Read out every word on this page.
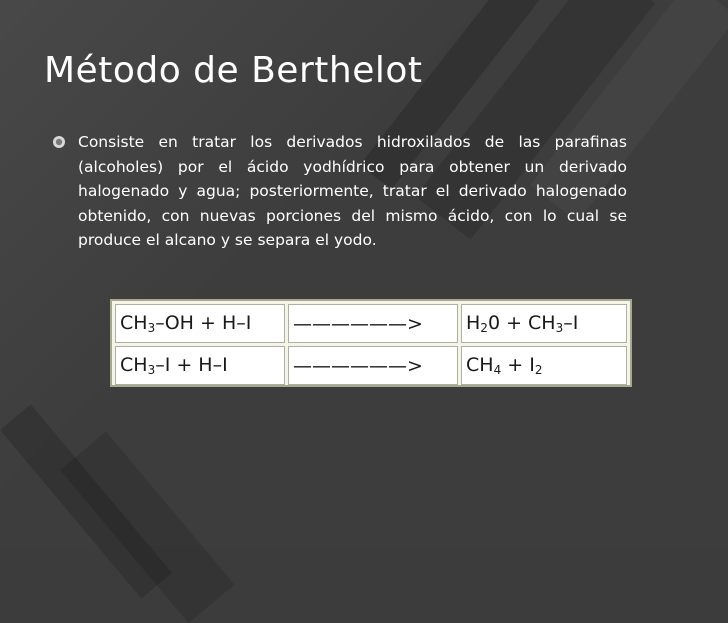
Método de Berthelot

Consiste en tratar los derivados hidroxilados de las parafinas (alcoholes) por el ácido yodhídrico para obtener un derivado halogenado y agua; posteriormente, tratar el derivado halogenado obtenido, con nuevas porciones del mismo ácido, con lo cual se produce el alcano y se separa el yodo.

$CH_3-OH + H-I$	——————>	$H_20 + CH_3-I$
$CH_3-I + H-I$	——————>	$CH_4 + I_2$
